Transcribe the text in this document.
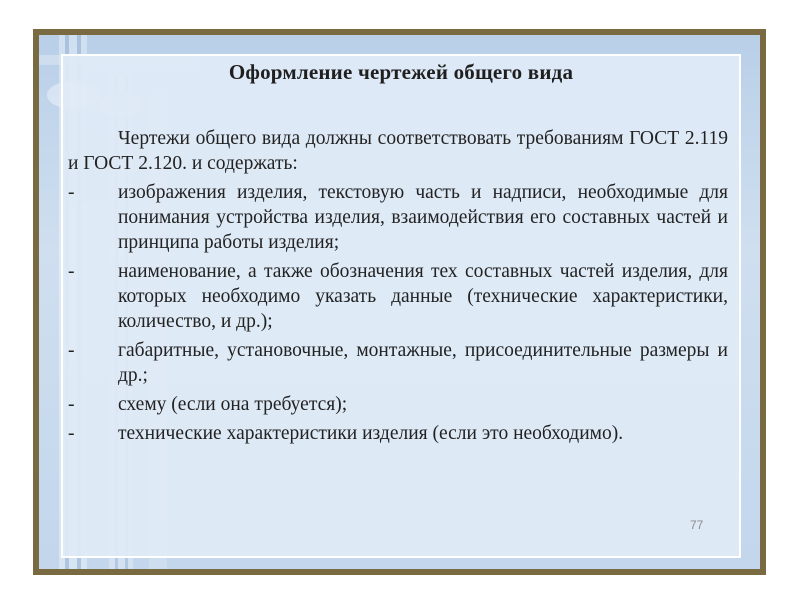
Оформление чертежей общего вида

Чертежи общего вида должны соответствовать требованиям ГОСТ 2.119 и ГОСТ 2.120. и содержать:

-	изображения изделия, текстовую часть и надписи, необходимые для понимания устройства изделия, взаимодействия его составных частей и принципа работы изделия;
-	наименование, а также обозначения тех составных частей изделия, для которых необходимо указать данные (технические характеристики, количество, и др.);
-	габаритные, установочные, монтажные, присоединительные размеры и др.;
-	схему (если она требуется);
-	технические характеристики изделия (если это необходимо).
77
